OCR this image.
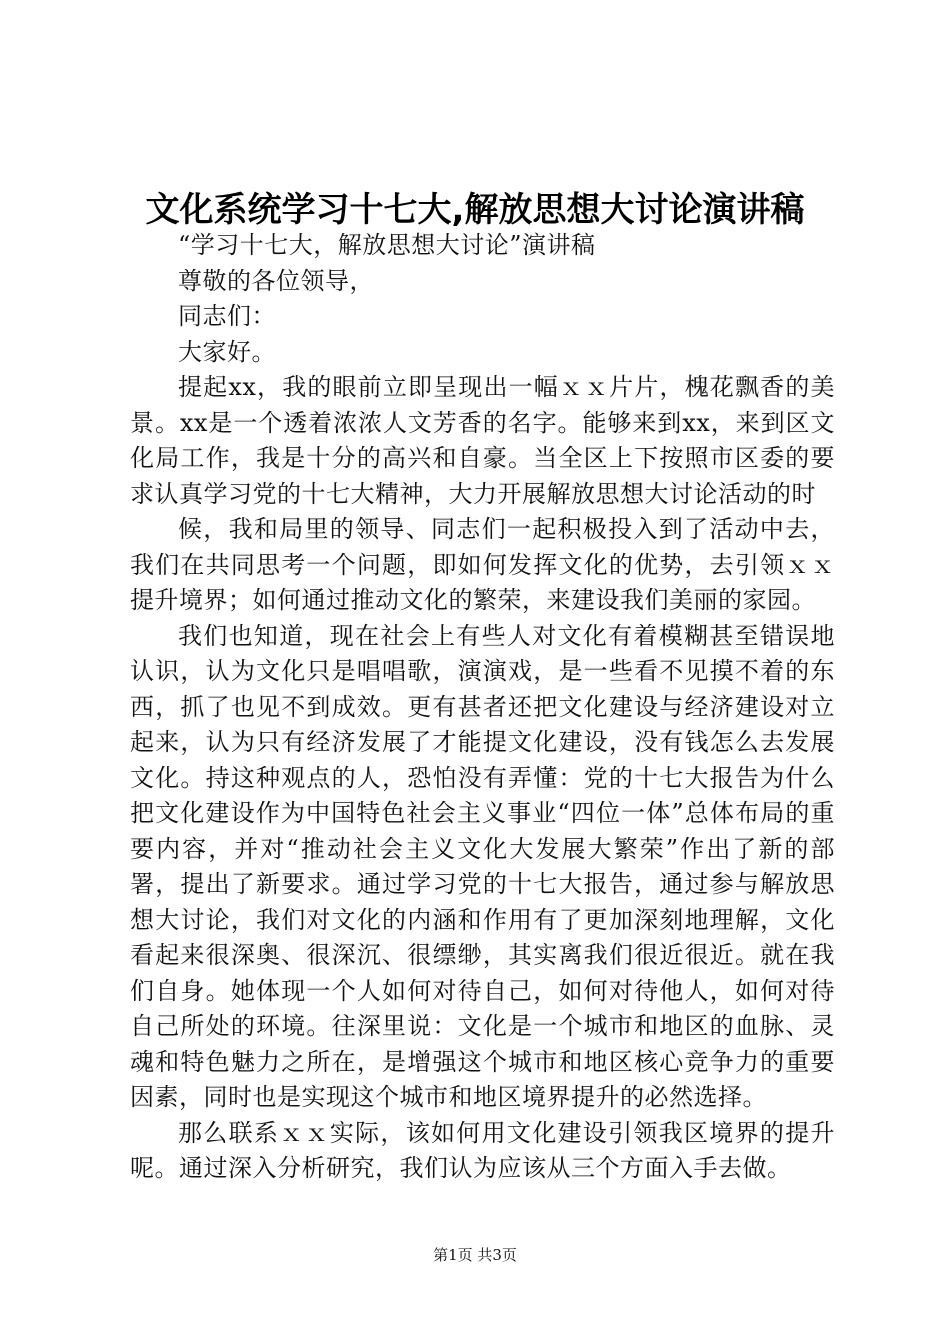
文化系统学习十七大,解放思想大讨论演讲稿

“学习十七大，解放思想大讨论”演讲稿

尊敬的各位领导，

同志们：

大家好。

提起xx，我的眼前立即呈现出一幅ｘｘ片片，槐花飘香的美景。xx是一个透着浓浓人文芳香的名字。能够来到xx，来到区文化局工作，我是十分的高兴和自豪。当全区上下按照市区委的要求认真学习党的十七大精神，大力开展解放思想大讨论活动的时

候，我和局里的领导、同志们一起积极投入到了活动中去，我们在共同思考一个问题，即如何发挥文化的优势，去引领ｘｘ提升境界；如何通过推动文化的繁荣，来建设我们美丽的家园。

我们也知道，现在社会上有些人对文化有着模糊甚至错误地认识，认为文化只是唱唱歌，演演戏，是一些看不见摸不着的东西，抓了也见不到成效。更有甚者还把文化建设与经济建设对立起来，认为只有经济发展了才能提文化建设，没有钱怎么去发展文化。持这种观点的人，恐怕没有弄懂：党的十七大报告为什么把文化建设作为中国特色社会主义事业“四位一体”总体布局的重要内容，并对“推动社会主义文化大发展大繁荣”作出了新的部署，提出了新要求。通过学习党的十七大报告，通过参与解放思想大讨论，我们对文化的内涵和作用有了更加深刻地理解，文化看起来很深奥、很深沉、很缥缈，其实离我们很近很近。就在我们自身。她体现一个人如何对待自己，如何对待他人，如何对待自己所处的环境。往深里说：文化是一个城市和地区的血脉、灵魂和特色魅力之所在，是增强这个城市和地区核心竞争力的重要因素，同时也是实现这个城市和地区境界提升的必然选择。

那么联系ｘｘ实际，该如何用文化建设引领我区境界的提升呢。通过深入分析研究，我们认为应该从三个方面入手去做。

第1页 共3页
